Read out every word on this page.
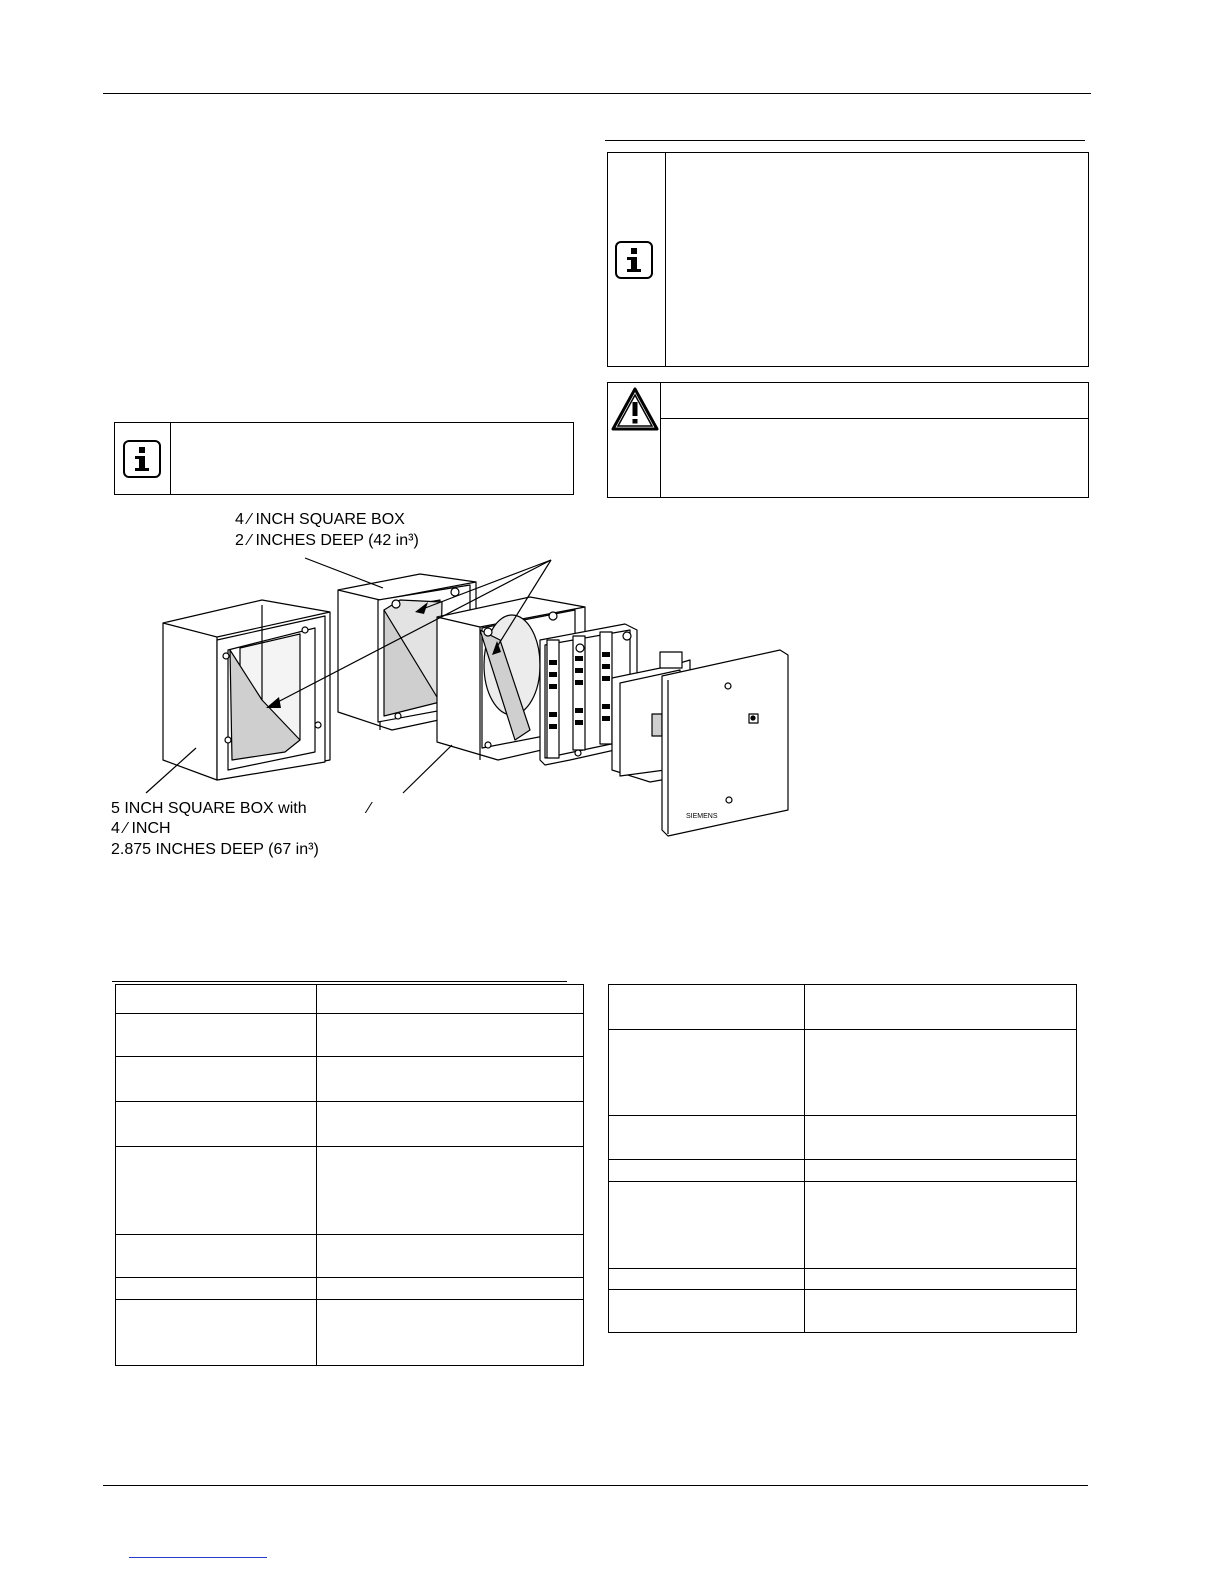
4 ⁄ INCH SQUARE BOX
2 ⁄ INCHES DEEP (42 in³)
5 INCH SQUARE BOX with	⁄
4 ⁄ INCH
2.875 INCHES DEEP (67 in³)
SIEMENS
